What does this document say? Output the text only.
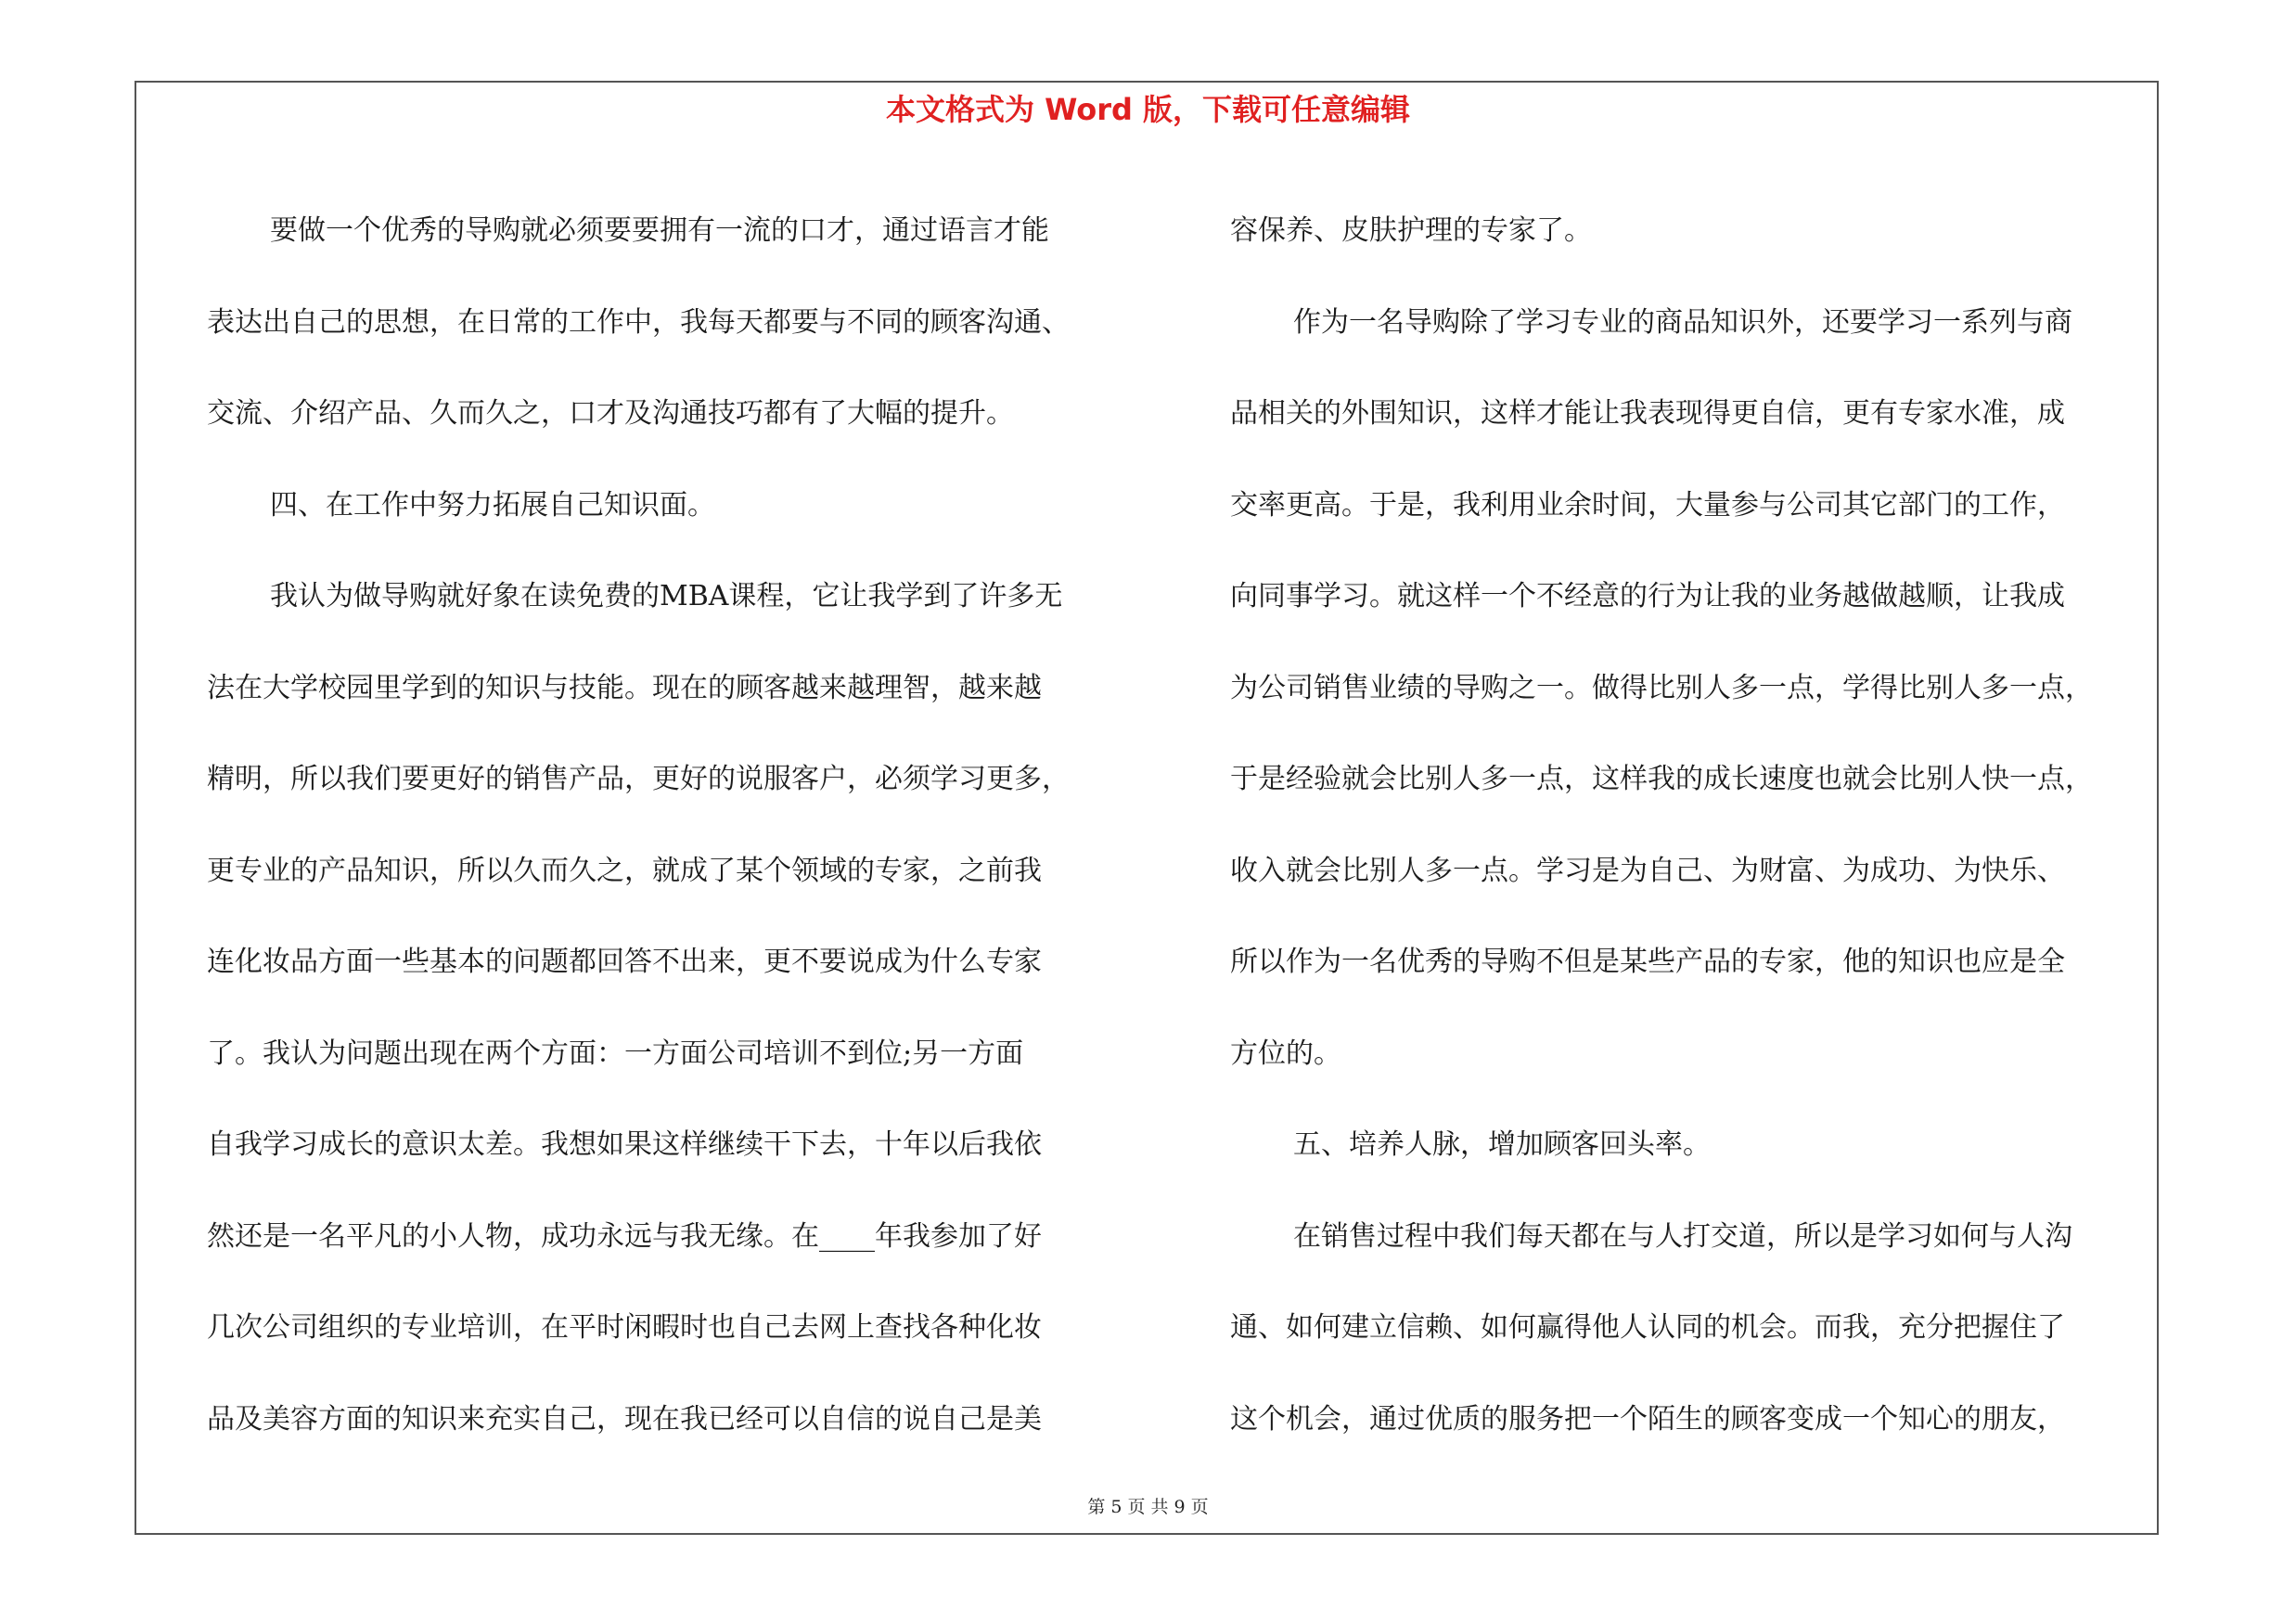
本文格式为 Word 版，下载可任意编辑
要做一个优秀的导购就必须要要拥有一流的口才，通过语言才能
表达出自己的思想，在日常的工作中，我每天都要与不同的顾客沟通、
交流、介绍产品、久而久之，口才及沟通技巧都有了大幅的提升。
四、在工作中努力拓展自己知识面。
我认为做导购就好象在读免费的MBA课程，它让我学到了许多无
法在大学校园里学到的知识与技能。现在的顾客越来越理智，越来越
精明，所以我们要更好的销售产品，更好的说服客户，必须学习更多，
更专业的产品知识，所以久而久之，就成了某个领域的专家，之前我
连化妆品方面一些基本的问题都回答不出来，更不要说成为什么专家
了。我认为问题出现在两个方面：一方面公司培训不到位;另一方面
自我学习成长的意识太差。我想如果这样继续干下去，十年以后我依
然还是一名平凡的小人物，成功永远与我无缘。在____年我参加了好
几次公司组织的专业培训，在平时闲暇时也自己去网上查找各种化妆
品及美容方面的知识来充实自己，现在我已经可以自信的说自己是美
容保养、皮肤护理的专家了。
作为一名导购除了学习专业的商品知识外，还要学习一系列与商
品相关的外围知识，这样才能让我表现得更自信，更有专家水准，成
交率更高。于是，我利用业余时间，大量参与公司其它部门的工作，
向同事学习。就这样一个不经意的行为让我的业务越做越顺，让我成
为公司销售业绩的导购之一。做得比别人多一点，学得比别人多一点，
于是经验就会比别人多一点，这样我的成长速度也就会比别人快一点，
收入就会比别人多一点。学习是为自己、为财富、为成功、为快乐、
所以作为一名优秀的导购不但是某些产品的专家，他的知识也应是全
方位的。
五、培养人脉，增加顾客回头率。
在销售过程中我们每天都在与人打交道，所以是学习如何与人沟
通、如何建立信赖、如何赢得他人认同的机会。而我，充分把握住了
这个机会，通过优质的服务把一个陌生的顾客变成一个知心的朋友，
第 5 页 共 9 页
